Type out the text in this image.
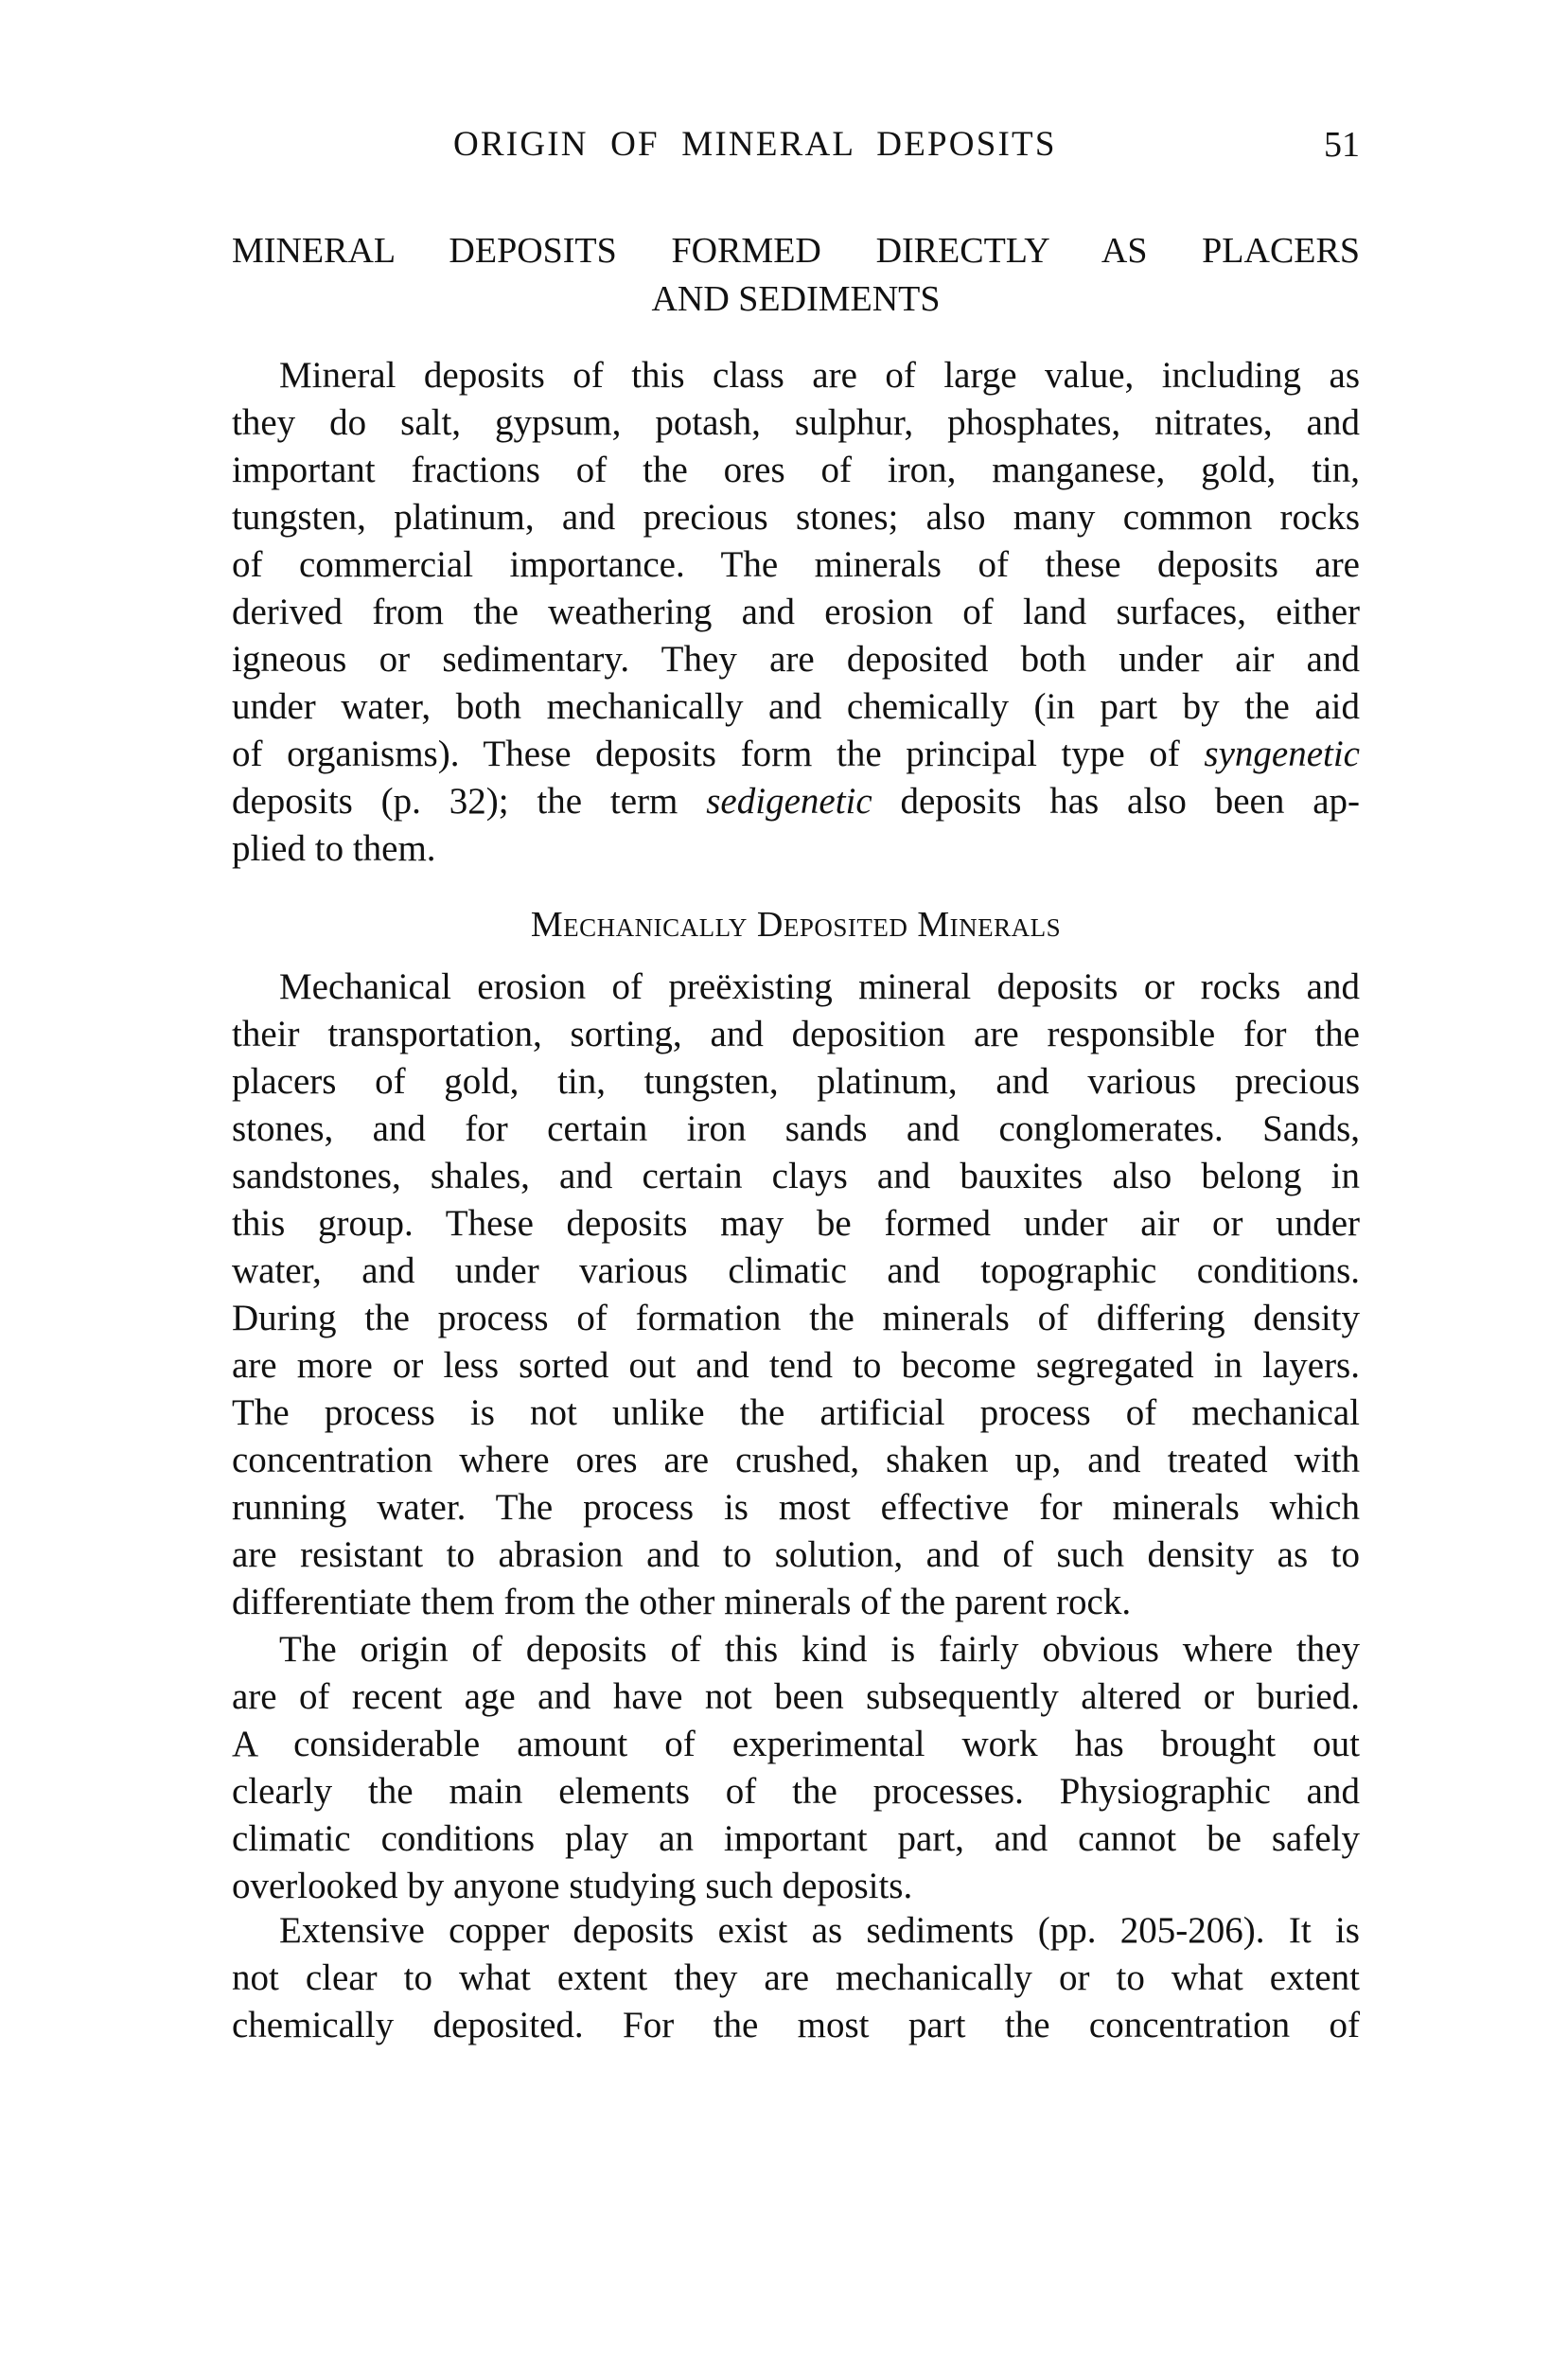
ORIGIN OF MINERAL DEPOSITS	51
MINERAL DEPOSITS FORMED DIRECTLY AS PLACERS
AND SEDIMENTS
Mineral deposits of this class are of large value, including as
they do salt, gypsum, potash, sulphur, phosphates, nitrates, and
important fractions of the ores of iron, manganese, gold, tin,
tungsten, platinum, and precious stones; also many common rocks
of commercial importance. The minerals of these deposits are
derived from the weathering and erosion of land surfaces, either
igneous or sedimentary. They are deposited both under air and
under water, both mechanically and chemically (in part by the aid
of organisms). These deposits form the principal type of syngenetic
deposits (p. 32); the term sedigenetic deposits has also been ap-
plied to them.
Mechanically Deposited Minerals
Mechanical erosion of preëxisting mineral deposits or rocks and
their transportation, sorting, and deposition are responsible for the
placers of gold, tin, tungsten, platinum, and various precious
stones, and for certain iron sands and conglomerates. Sands,
sandstones, shales, and certain clays and bauxites also belong in
this group. These deposits may be formed under air or under
water, and under various climatic and topographic conditions.
During the process of formation the minerals of differing density
are more or less sorted out and tend to become segregated in layers.
The process is not unlike the artificial process of mechanical
concentration where ores are crushed, shaken up, and treated with
running water. The process is most effective for minerals which
are resistant to abrasion and to solution, and of such density as to
differentiate them from the other minerals of the parent rock.
The origin of deposits of this kind is fairly obvious where they
are of recent age and have not been subsequently altered or buried.
A considerable amount of experimental work has brought out
clearly the main elements of the processes. Physiographic and
climatic conditions play an important part, and cannot be safely
overlooked by anyone studying such deposits.
Extensive copper deposits exist as sediments (pp. 205-206). It is
not clear to what extent they are mechanically or to what extent
chemically deposited. For the most part the concentration of
